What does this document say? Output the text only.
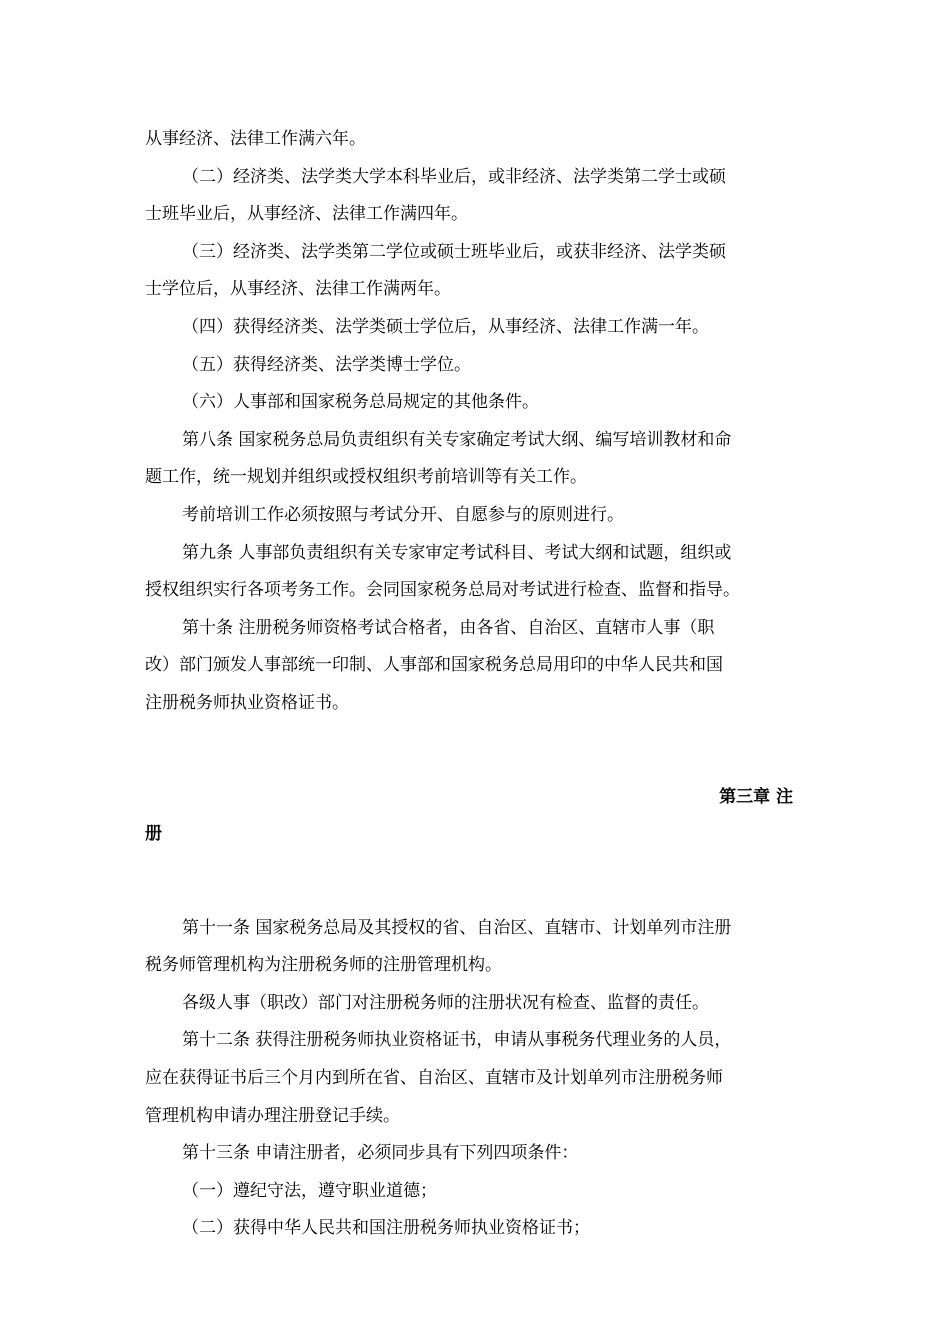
从事经济、法律工作满六年。

（二）经济类、法学类大学本科毕业后，或非经济、法学类第二学士或硕

士班毕业后，从事经济、法律工作满四年。

（三）经济类、法学类第二学位或硕士班毕业后，或获非经济、法学类硕

士学位后，从事经济、法律工作满两年。

（四）获得经济类、法学类硕士学位后，从事经济、法律工作满一年。

（五）获得经济类、法学类博士学位。

（六）人事部和国家税务总局规定的其他条件。

第八条 国家税务总局负责组织有关专家确定考试大纲、编写培训教材和命

题工作，统一规划并组织或授权组织考前培训等有关工作。

考前培训工作必须按照与考试分开、自愿参与的原则进行。

第九条 人事部负责组织有关专家审定考试科目、考试大纲和试题，组织或

授权组织实行各项考务工作。会同国家税务总局对考试进行检查、监督和指导。

第十条 注册税务师资格考试合格者，由各省、自治区、直辖市人事（职

改）部门颁发人事部统一印制、人事部和国家税务总局用印的中华人民共和国

注册税务师执业资格证书。

第三章 注
册

第十一条 国家税务总局及其授权的省、自治区、直辖市、计划单列市注册

税务师管理机构为注册税务师的注册管理机构。

各级人事（职改）部门对注册税务师的注册状况有检查、监督的责任。

第十二条 获得注册税务师执业资格证书，申请从事税务代理业务的人员，

应在获得证书后三个月内到所在省、自治区、直辖市及计划单列市注册税务师

管理机构申请办理注册登记手续。

第十三条 申请注册者，必须同步具有下列四项条件：

（一）遵纪守法，遵守职业道德；

（二）获得中华人民共和国注册税务师执业资格证书；
